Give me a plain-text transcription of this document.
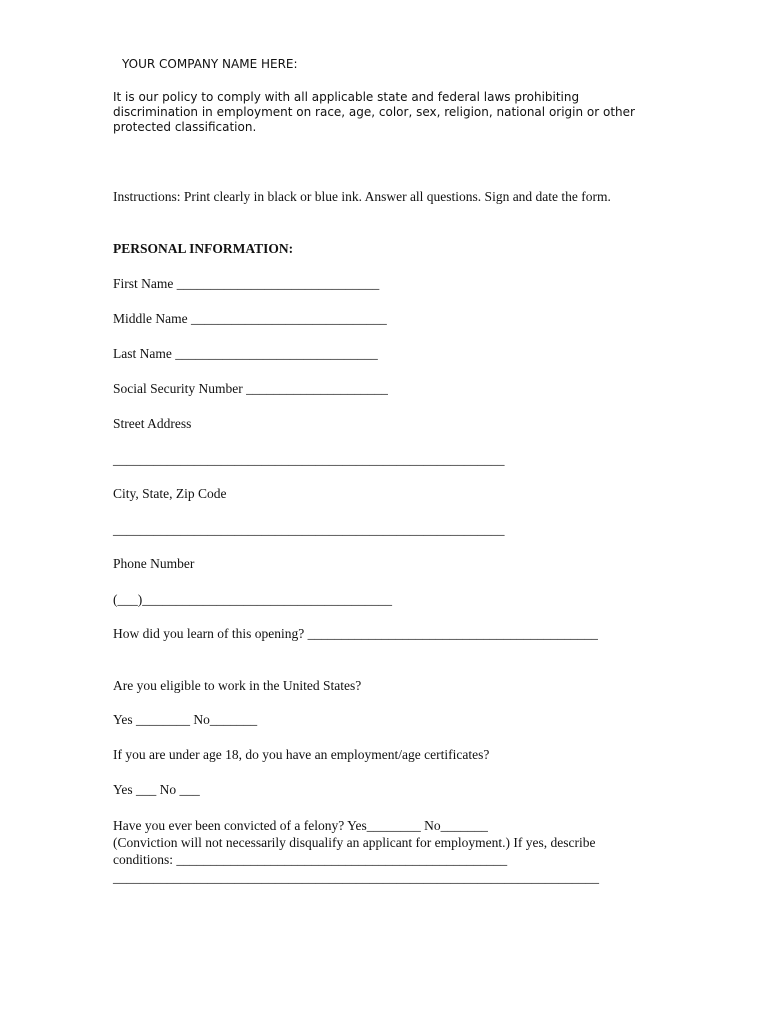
YOUR COMPANY NAME HERE:
It is our policy to comply with all applicable state and federal laws prohibiting discrimination in employment on race, age, color, sex, religion, national origin or other protected classification.
Instructions: Print clearly in black or blue ink. Answer all questions. Sign and date the form.
PERSONAL INFORMATION:
First Name ______________________________
Middle Name _____________________________
Last Name ______________________________
Social Security Number _____________________
Street Address
__________________________________________________________
City, State, Zip Code
__________________________________________________________
Phone Number
(___)_____________________________________
How did you learn of this opening? ___________________________________________
Are you eligible to work in the United States?
Yes ________ No_______
If you are under age 18, do you have an employment/age certificates?
Yes ___ No ___
Have you ever been convicted of a felony? Yes________ No_______
(Conviction will not necessarily disqualify an applicant for employment.) If yes, describe
conditions: _________________________________________________
________________________________________________________________________
